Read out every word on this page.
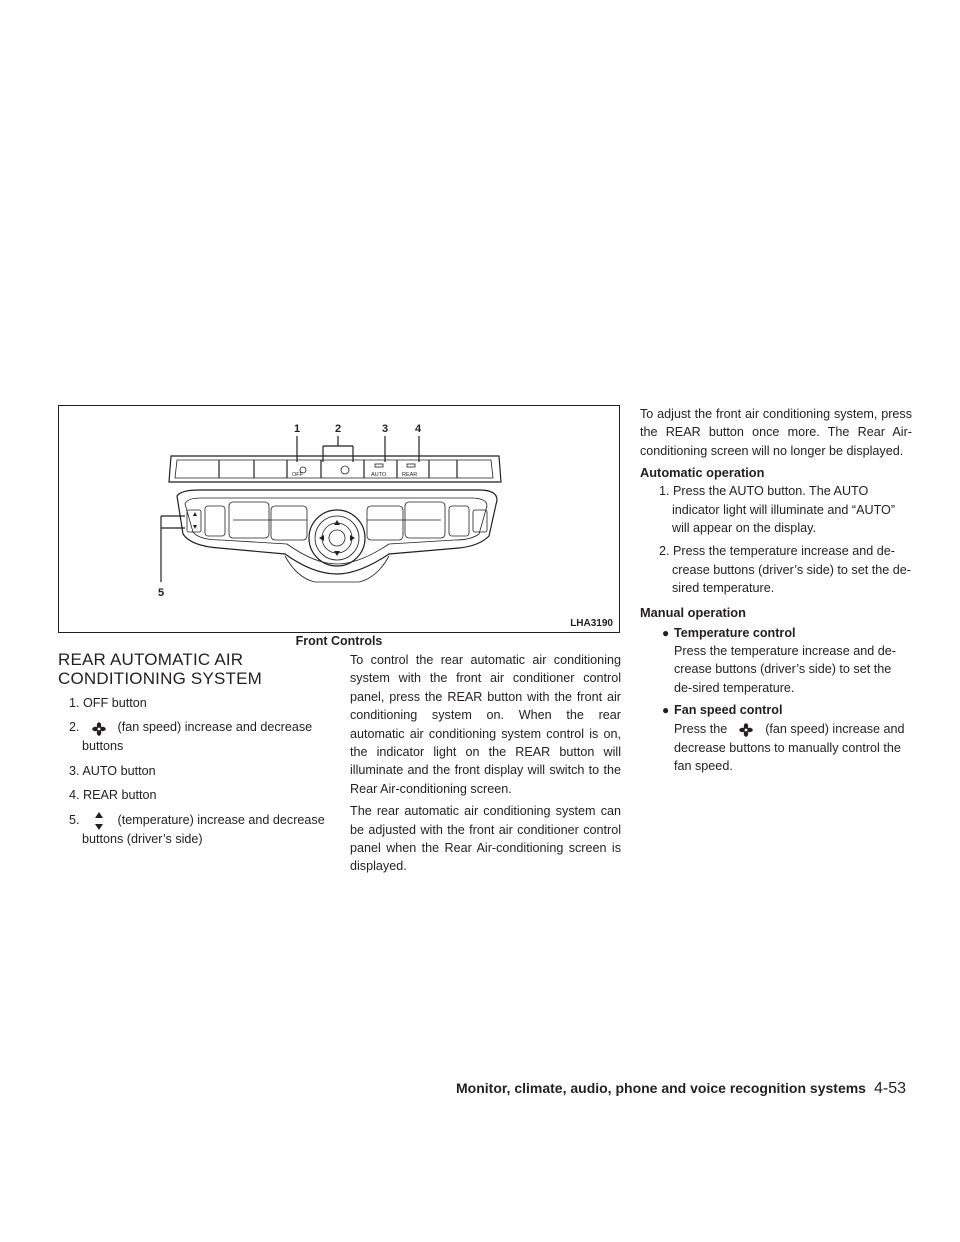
1	2	3 4
5
OFF	AUTO	REAR
LHA3190
Front Controls
REAR AUTOMATIC AIR CONDITIONING SYSTEM
1. OFF button
2.	(fan speed) increase and decrease buttons
3. AUTO button
4. REAR button
5.	(temperature) increase and decrease buttons (driver’s side)

To control the rear automatic air conditioning system with the front air conditioner control panel, press the REAR button with the front air conditioning system on. When the rear automatic air conditioning system control is on, the indicator light on the REAR button will illuminate and the front display will switch to the Rear Air-conditioning screen.

The rear automatic air conditioning system can be adjusted with the front air conditioner control panel when the Rear Air-conditioning screen is displayed.

To adjust the front air conditioning system, press the REAR button once more. The Rear Air-conditioning screen will no longer be displayed.

Automatic operation
1. Press the AUTO button. The AUTO indicator light will illuminate and “AUTO” will appear on the display.
2. Press the temperature increase and de-crease buttons (driver’s side) to set the de-sired temperature.
Manual operation
● Temperature control
Press the temperature increase and de-crease buttons (driver’s side) to set the de-sired temperature.
● Fan speed control
Press the	(fan speed) increase and decrease buttons to manually control the fan speed.
Monitor, climate, audio, phone and voice recognition systems 4-53
